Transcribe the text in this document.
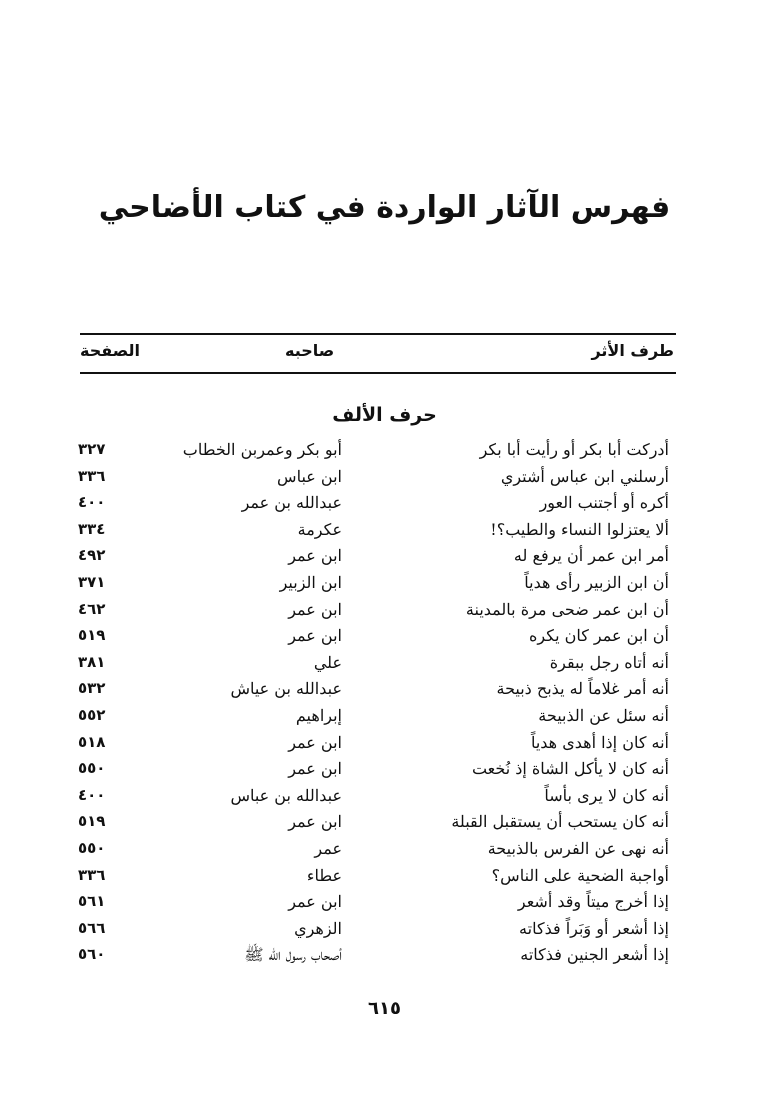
فهرس الآثار الواردة في كتاب الأضاحي
طرف الأثر
صاحبه
الصفحة
حرف الألف
أدركت أبا بكر أو رأيت أبا بكر
أبو بكر وعمربن الخطاب
٣٢٧
أرسلني ابن عباس أشتري
ابن عباس
٣٣٦
أكره أو أجتنب العور
عبدالله بن عمر
٤٠٠
ألا يعتزلوا النساء والطيب؟!
عكرمة
٣٣٤
أمر ابن عمر أن يرفع له
ابن عمر
٤٩٢
أن ابن الزبير رأى هدياً
ابن الزبير
٣٧١
أن ابن عمر ضحى مرة بالمدينة
ابن عمر
٤٦٢
أن ابن عمر كان يكره
ابن عمر
٥١٩
أنه أتاه رجل ببقرة
علي
٣٨١
أنه أمر غلاماً له يذبح ذبيحة
عبدالله بن عياش
٥٣٢
أنه سئل عن الذبيحة
إبراهيم
٥٥٢
أنه كان إذا أهدى هدياً
ابن عمر
٥١٨
أنه كان لا يأكل الشاة إذ نُخعت
ابن عمر
٥٥٠
أنه كان لا يرى بأساً
عبدالله بن عباس
٤٠٠
أنه كان يستحب أن يستقبل القبلة
ابن عمر
٥١٩
أنه نهى عن الفرس بالذبيحة
عمر
٥٥٠
أواجبة الضحية على الناس؟
عطاء
٣٣٦
إذا أخرج ميتاً وقد أشعر
ابن عمر
٥٦١
إذا أشعر أو وَبَراً فذكاته
الزهري
٥٦٦
إذا أشعر الجنين فذكاته
أصحاب رسول الله ﷺ
٥٦٠
٦١٥
